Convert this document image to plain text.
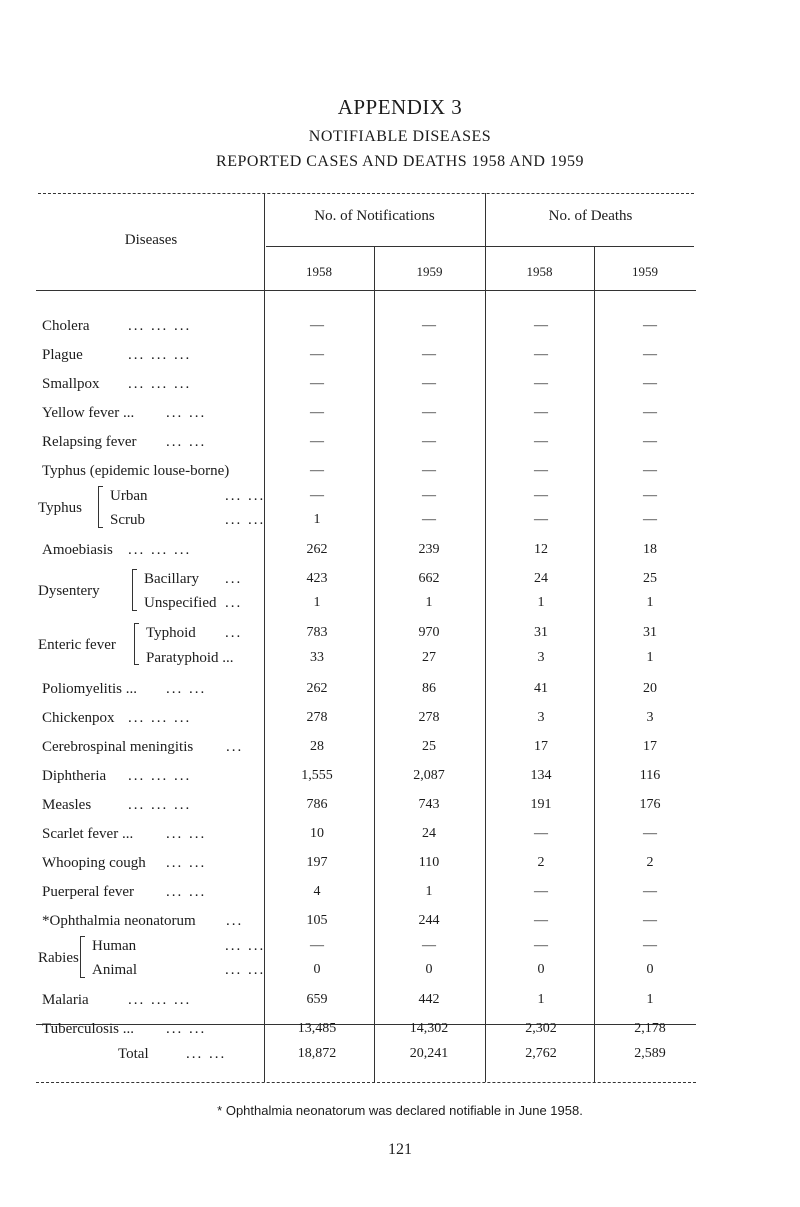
APPENDIX 3
NOTIFIABLE DISEASES
REPORTED CASES AND DEATHS 1958 AND 1959
Diseases
No. of Notifications	No. of Deaths
1958	1959	1958	1959
Cholera	... ... ...	—	—	—	—
Plague	... ... ...	—	—	—	—
Smallpox ... ... ...	—	—	—	—
Yellow fever ... ... ...	—	—	—	—
Relapsing fever ... ...	—	—	—	—
Typhus (epidemic louse-borne)	—	—	—	—
Typhus
Urban	... ...	—	—	—	—
Scrub	... ...	1	—	—	—
Amoebiasis ... ... ...	262	239	12	18
Dysentery
Bacillary ...	423	662	24	25
Unspecified ...	1	1	1	1
Enteric fever
Typhoid ...	783	970	31	31
Paratyphoid ...	33	27	3	1
Poliomyelitis ... ... ...	262	86	41	20
Chickenpox ... ... ...	278	278	3	3
Cerebrospinal meningitis ...	28	25	17	17
Diphtheria ... ... ...	1,555	2,087	134	116
Measles ... ... ...	786	743	191	176
Scarlet fever ... ... ...	10	24	—	—
Whooping cough ... ...	197	110	2	2
Puerperal fever ... ...	4	1	—	—
*Ophthalmia neonatorum ...	105	244	—	—
Rabies
Human	... ...	—	—	—	—
Animal	... ...	0	0	0	0
Malaria	... ... ...	659	442	1	1
Tuberculosis ... ... ...	13,485	14,302	2,302	2,178
Total ... ...	18,872	20,241	2,762	2,589
* Ophthalmia neonatorum was declared notifiable in June 1958.
121
